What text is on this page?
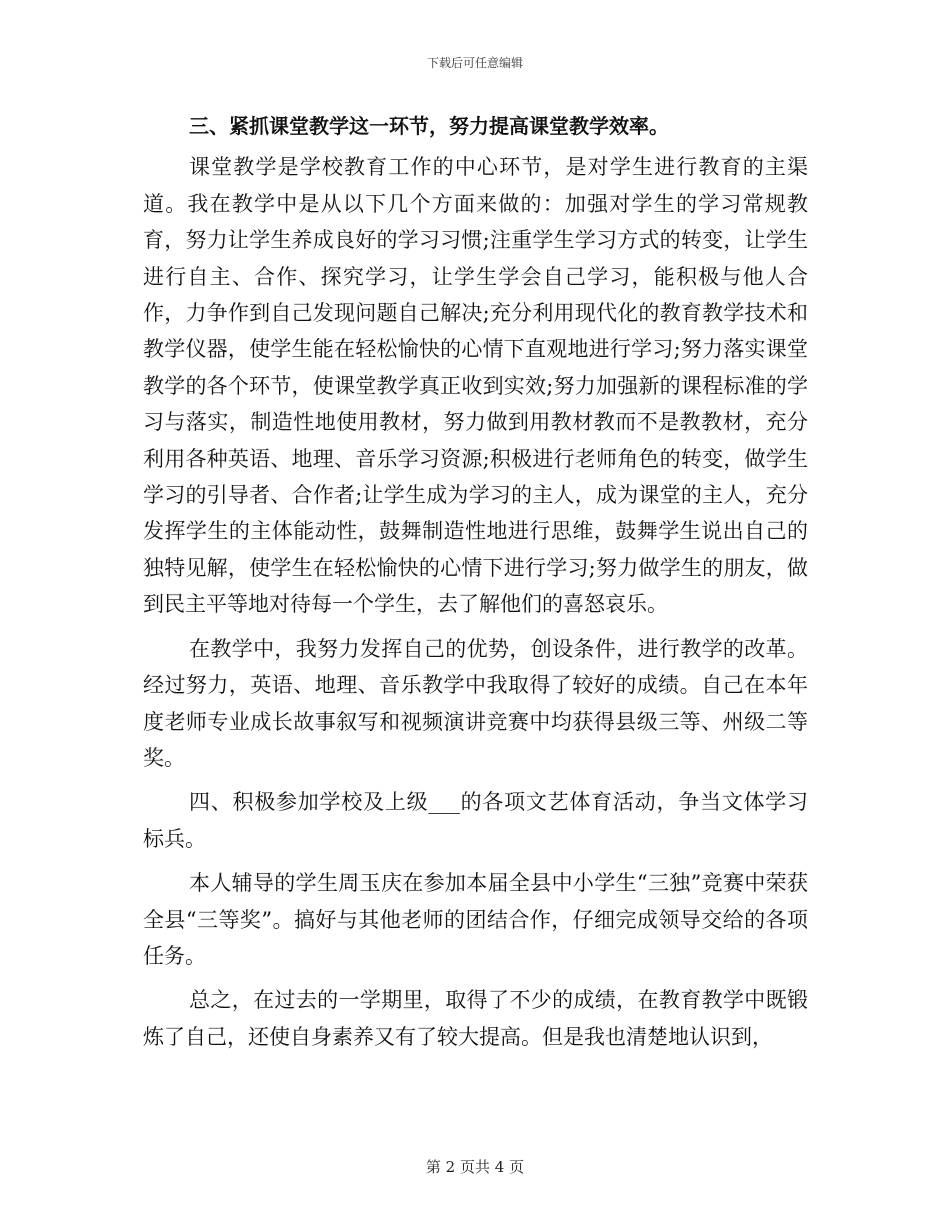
下载后可任意编辑

三、紧抓课堂教学这一环节，努力提高课堂教学效率。

课堂教学是学校教育工作的中心环节，是对学生进行教育的主渠道。我在教学中是从以下几个方面来做的：加强对学生的学习常规教育，努力让学生养成良好的学习习惯;注重学生学习方式的转变，让学生进行自主、合作、探究学习，让学生学会自己学习，能积极与他人合作，力争作到自己发现问题自己解决;充分利用现代化的教育教学技术和教学仪器，使学生能在轻松愉快的心情下直观地进行学习;努力落实课堂教学的各个环节，使课堂教学真正收到实效;努力加强新的课程标准的学习与落实，制造性地使用教材，努力做到用教材教而不是教教材，充分利用各种英语、地理、音乐学习资源;积极进行老师角色的转变，做学生学习的引导者、合作者;让学生成为学习的主人，成为课堂的主人，充分发挥学生的主体能动性，鼓舞制造性地进行思维，鼓舞学生说出自己的独特见解，使学生在轻松愉快的心情下进行学习;努力做学生的朋友，做到民主平等地对待每一个学生，去了解他们的喜怒哀乐。

在教学中，我努力发挥自己的优势，创设条件，进行教学的改革。经过努力，英语、地理、音乐教学中我取得了较好的成绩。自己在本年度老师专业成长故事叙写和视频演讲竞赛中均获得县级三等、州级二等奖。

四、积极参加学校及上级___的各项文艺体育活动，争当文体学习标兵。

本人辅导的学生周玉庆在参加本届全县中小学生“三独”竞赛中荣获全县“三等奖”。搞好与其他老师的团结合作，仔细完成领导交给的各项任务。

总之，在过去的一学期里，取得了不少的成绩，在教育教学中既锻炼了自己，还使自身素养又有了较大提高。但是我也清楚地认识到，

第 2 页共 4 页
